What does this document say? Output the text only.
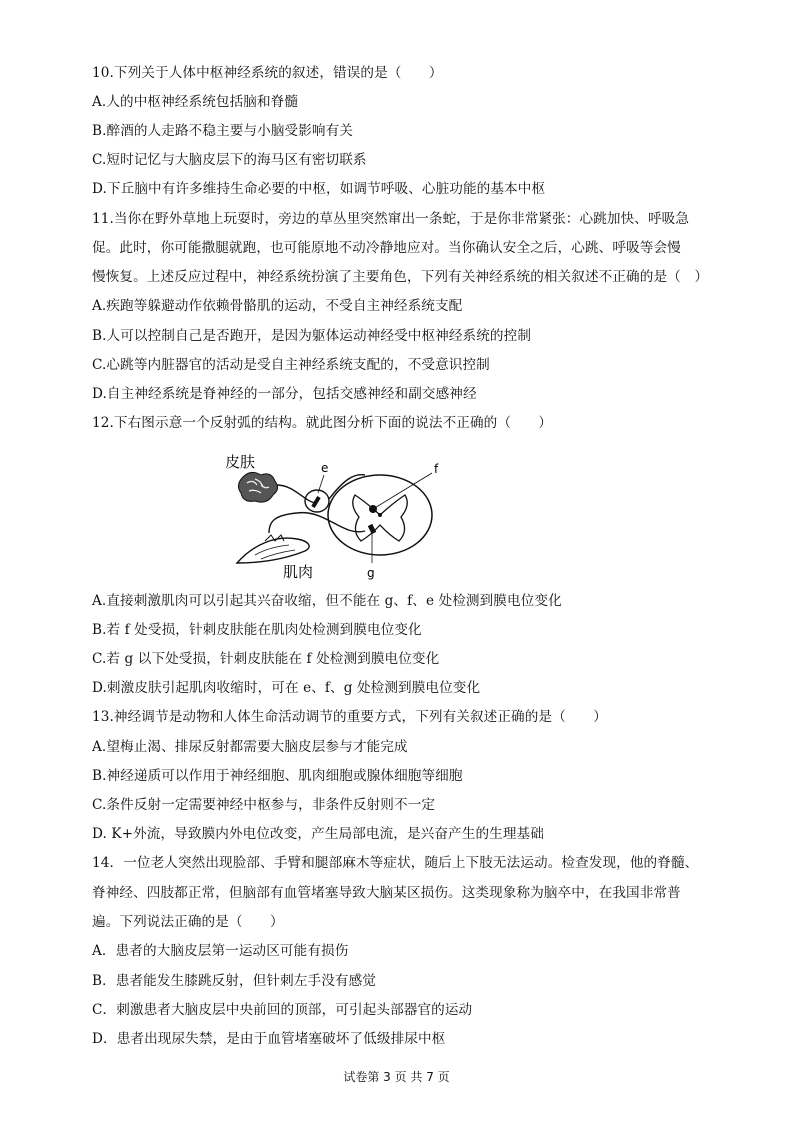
10.下列关于人体中枢神经系统的叙述，错误的是（　　）
A.人的中枢神经系统包括脑和脊髓
B.醉酒的人走路不稳主要与小脑受影响有关
C.短时记忆与大脑皮层下的海马区有密切联系
D.下丘脑中有许多维持生命必要的中枢，如调节呼吸、心脏功能的基本中枢
11.当你在野外草地上玩耍时，旁边的草丛里突然窜出一条蛇，于是你非常紧张：心跳加快、呼吸急
促。此时，你可能撒腿就跑，也可能原地不动冷静地应对。当你确认安全之后，心跳、呼吸等会慢
慢恢复。上述反应过程中，神经系统扮演了主要角色，下列有关神经系统的相关叙述不正确的是（　）
A.疾跑等躲避动作依赖骨骼肌的运动，不受自主神经系统支配
B.人可以控制自己是否跑开，是因为躯体运动神经受中枢神经系统的控制
C.心跳等内脏器官的活动是受自主神经系统支配的，不受意识控制
D.自主神经系统是脊神经的一部分，包括交感神经和副交感神经
12.下右图示意一个反射弧的结构。就此图分析下面的说法不正确的（　　）
皮肤	e	f
g
肌肉
A.直接刺激肌肉可以引起其兴奋收缩，但不能在 g、f、e 处检测到膜电位变化
B.若 f 处受损，针刺皮肤能在肌肉处检测到膜电位变化
C.若 g 以下处受损，针刺皮肤能在 f 处检测到膜电位变化
D.刺激皮肤引起肌肉收缩时，可在 e、f、g 处检测到膜电位变化
13.神经调节是动物和人体生命活动调节的重要方式，下列有关叙述正确的是（　　）
A.望梅止渴、排尿反射都需要大脑皮层参与才能完成
B.神经递质可以作用于神经细胞、肌肉细胞或腺体细胞等细胞
C.条件反射一定需要神经中枢参与，非条件反射则不一定
D. K+外流，导致膜内外电位改变，产生局部电流，是兴奋产生的生理基础
14．一位老人突然出现脸部、手臂和腿部麻木等症状，随后上下肢无法运动。检查发现，他的脊髓、
脊神经、四肢都正常，但脑部有血管堵塞导致大脑某区损伤。这类现象称为脑卒中，在我国非常普
遍。下列说法正确的是（　　）
A．患者的大脑皮层第一运动区可能有损伤
B．患者能发生膝跳反射，但针刺左手没有感觉
C．刺激患者大脑皮层中央前回的顶部，可引起头部器官的运动
D．患者出现尿失禁，是由于血管堵塞破坏了低级排尿中枢
试卷第 3 页 共 7 页
